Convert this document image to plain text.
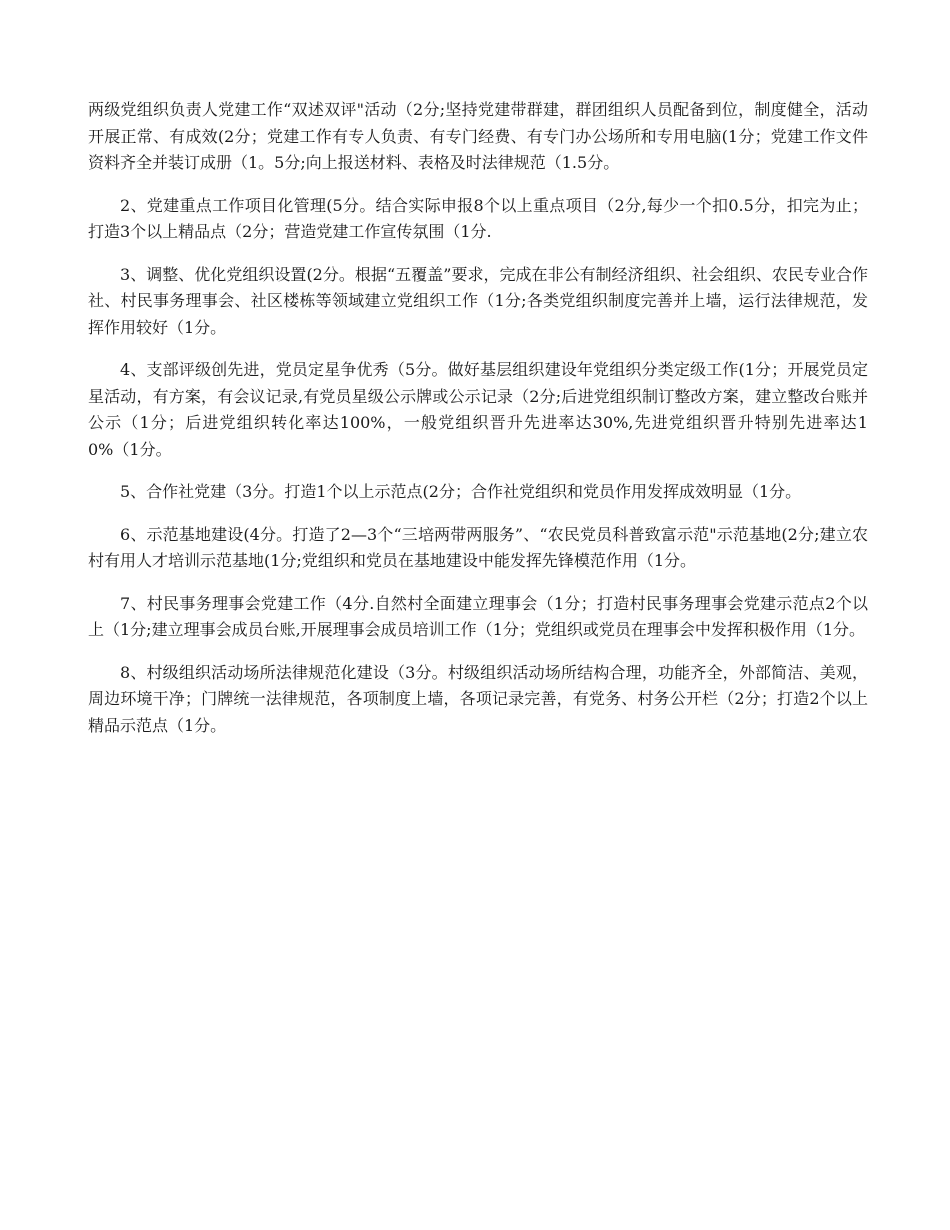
两级党组织负责人党建工作“双述双评"活动（2分;坚持党建带群建，群团组织人员配备到位，制度健全，活动开展正常、有成效(2分；党建工作有专人负责、有专门经费、有专门办公场所和专用电脑(1分；党建工作文件资料齐全并装订成册（1。5分;向上报送材料、表格及时法律规范（1.5分。

2、党建重点工作项目化管理(5分。结合实际申报8个以上重点项目（2分,每少一个扣0.5分，扣完为止；打造3个以上精品点（2分；营造党建工作宣传氛围（1分.

3、调整、优化党组织设置(2分。根据“五覆盖”要求，完成在非公有制经济组织、社会组织、农民专业合作社、村民事务理事会、社区楼栋等领域建立党组织工作（1分;各类党组织制度完善并上墙，运行法律规范，发挥作用较好（1分。

4、支部评级创先进，党员定星争优秀（5分。做好基层组织建设年党组织分类定级工作(1分；开展党员定星活动，有方案，有会议记录,有党员星级公示牌或公示记录（2分;后进党组织制订整改方案，建立整改台账并公示（1分；后进党组织转化率达100%，一般党组织晋升先进率达30%,先进党组织晋升特别先进率达10%（1分。

5、合作社党建（3分。打造1个以上示范点(2分；合作社党组织和党员作用发挥成效明显（1分。

6、示范基地建设(4分。打造了2—3个“三培两带两服务”、“农民党员科普致富示范"示范基地(2分;建立农村有用人才培训示范基地(1分;党组织和党员在基地建设中能发挥先锋模范作用（1分。

7、村民事务理事会党建工作（4分.自然村全面建立理事会（1分；打造村民事务理事会党建示范点2个以上（1分;建立理事会成员台账,开展理事会成员培训工作（1分；党组织或党员在理事会中发挥积极作用（1分。

8、村级组织活动场所法律规范化建设（3分。村级组织活动场所结构合理，功能齐全，外部简洁、美观，周边环境干净；门牌统一法律规范，各项制度上墙，各项记录完善，有党务、村务公开栏（2分；打造2个以上精品示范点（1分。
